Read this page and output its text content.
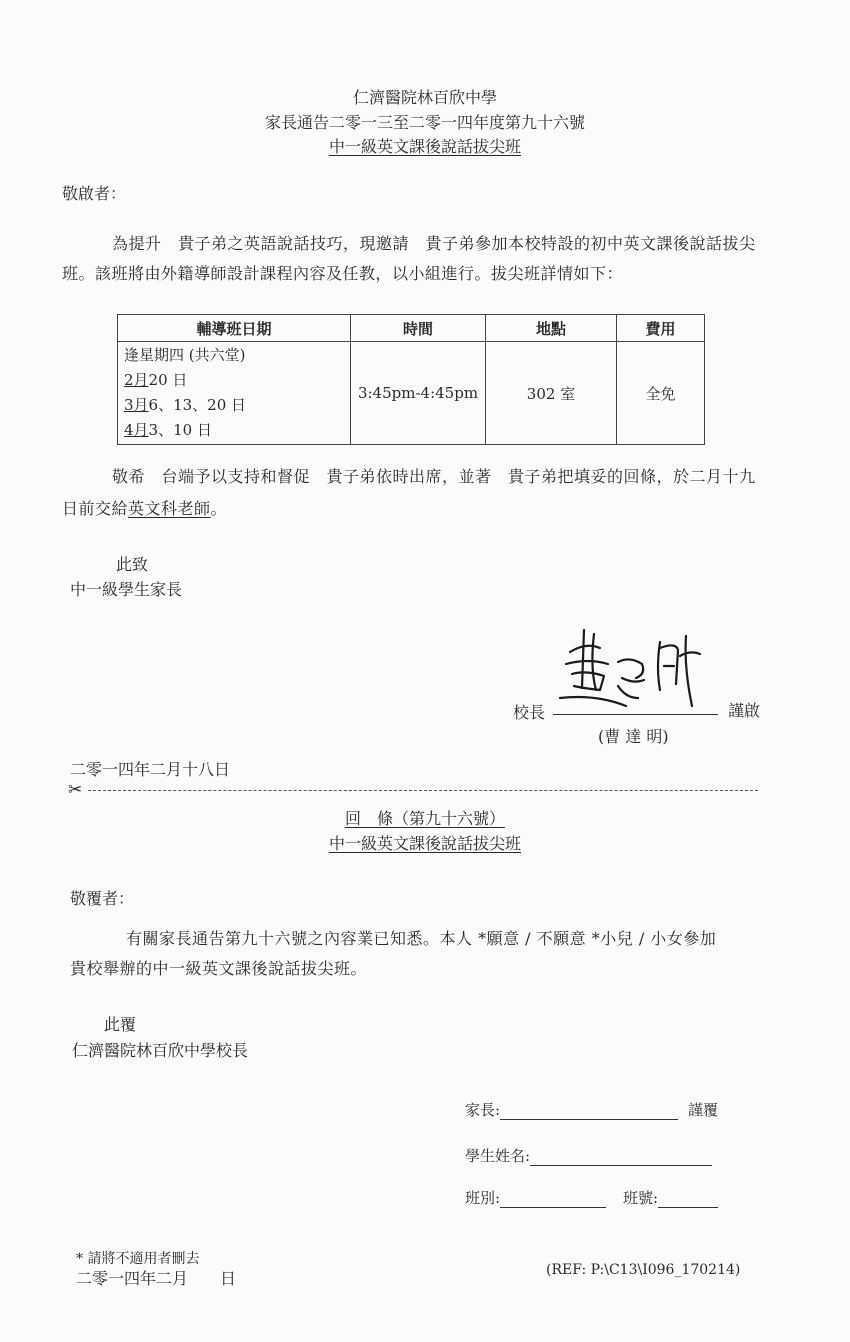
仁濟醫院林百欣中學
家長通告二零一三至二零一四年度第九十六號
中一級英文課後說話拔尖班
敬啟者：
為提升　貴子弟之英語說話技巧，現邀請　貴子弟參加本校特設的初中英文課後說話拔尖
班。該班將由外籍導師設計課程內容及任教，以小組進行。拔尖班詳情如下：
輔導班日期	時間	地點	費用

逢星期四 (共六堂)
2月20 日
3月6、13、20 日
4月3、10 日	3:45pm-4:45pm	302 室	全免
敬希　台端予以支持和督促　貴子弟依時出席，並著　貴子弟把填妥的回條，於二月十九
日前交給英文科老師。
此致
中一級學生家長
校長	謹啟
(曹 達 明)
二零一四年二月十八日
✂
回　條（第九十六號）
中一級英文課後說話拔尖班
敬覆者：
有關家長通告第九十六號之內容業已知悉。本人 *願意 / 不願意 *小兒 / 小女參加
貴校舉辦的中一級英文課後說話拔尖班。
此覆
仁濟醫院林百欣中學校長
家長:	謹覆
學生姓名:
班別:	班號:
* 請將不適用者刪去
二零一四年二月　　日	(REF: P:\C13\I096_170214)
